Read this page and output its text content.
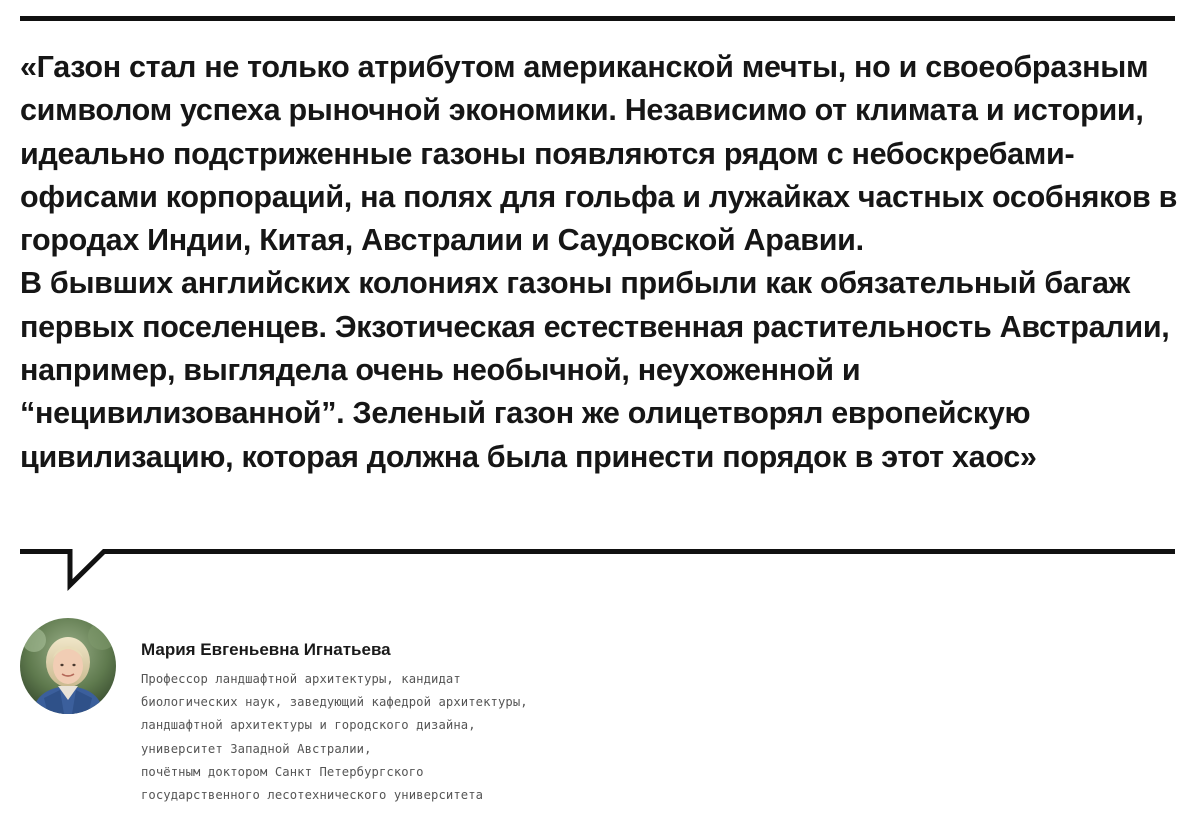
«Газон стал не только атрибутом американской мечты, но и своеобразным символом успеха рыночной экономики. Независимо от климата и истории, идеально подстриженные газоны появляются рядом с небоскребами-офисами корпораций, на полях для гольфа и лужайках частных особняков в городах Индии, Китая, Австралии и Саудовской Аравии.

В бывших английских колониях газоны прибыли как обязательный багаж первых поселенцев. Экзотическая естественная растительность Австралии, например, выглядела очень необычной, неухоженной и “нецивилизованной”. Зеленый газон же олицетворял европейскую цивилизацию, которая должна была принести порядок в этот хаос»

Мария Евгеньевна Игнатьева
Профессор ландшафтной архитектуры, кандидат
биологических наук, заведующий кафедрой архитектуры,
ландшафтной архитектуры и городского дизайна,
университет Западной Австралии,
почётным доктором Санкт Петербургского
государственного лесотехнического университета
